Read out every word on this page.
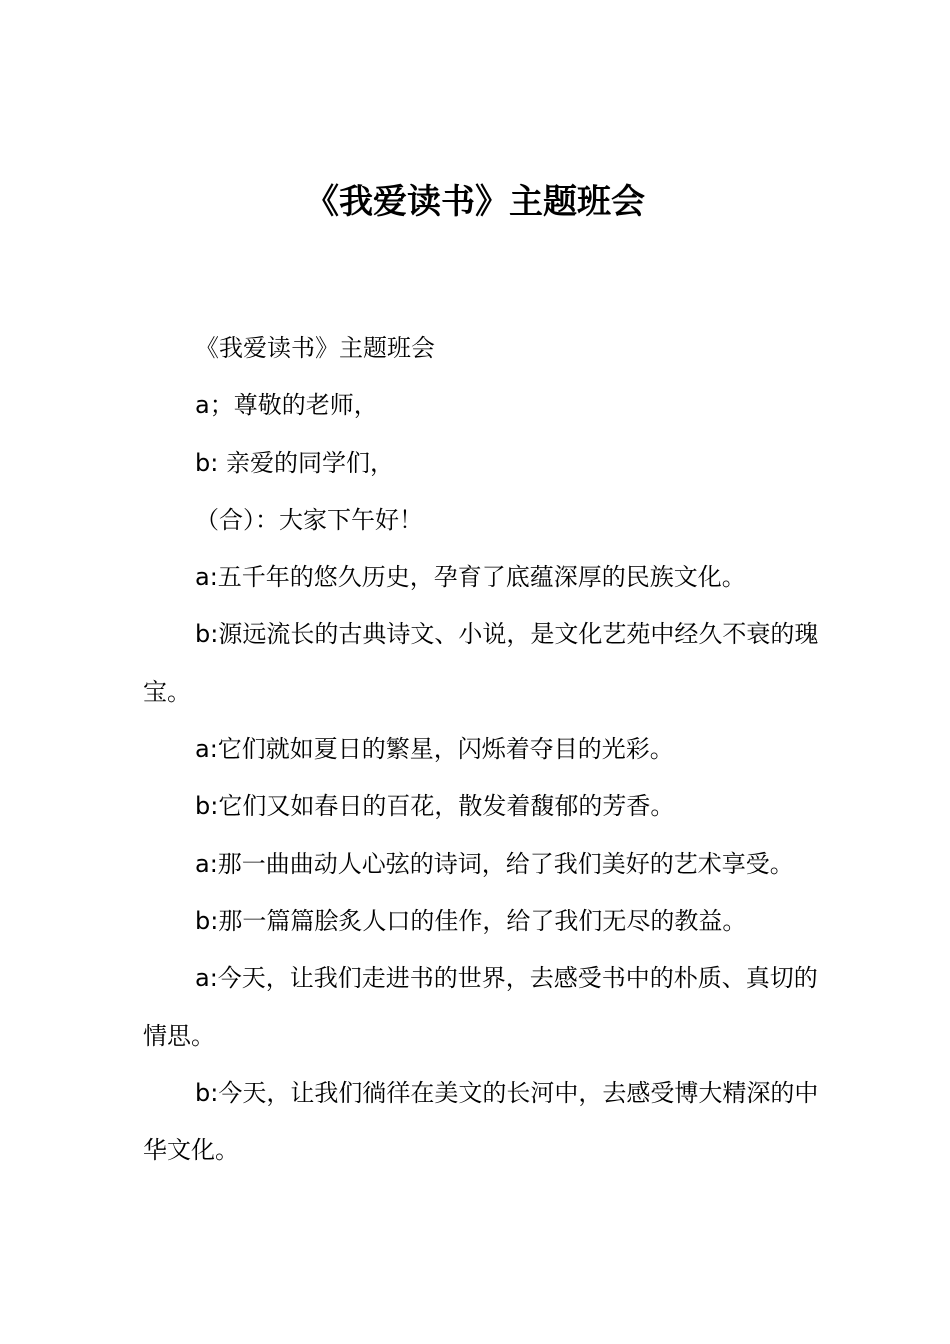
《我爱读书》主题班会

《我爱读书》主题班会

a；尊敬的老师，

b: 亲爱的同学们，

（合）：大家下午好！

a:五千年的悠久历史，孕育了底蕴深厚的民族文化。

b:源远流长的古典诗文、小说，是文化艺苑中经久不衰的瑰宝。

a:它们就如夏日的繁星，闪烁着夺目的光彩。

b:它们又如春日的百花，散发着馥郁的芳香。

a:那一曲曲动人心弦的诗词，给了我们美好的艺术享受。

b:那一篇篇脍炙人口的佳作，给了我们无尽的教益。

a:今天，让我们走进书的世界，去感受书中的朴质、真切的情思。

b:今天，让我们徜徉在美文的长河中，去感受博大精深的中华文化。
